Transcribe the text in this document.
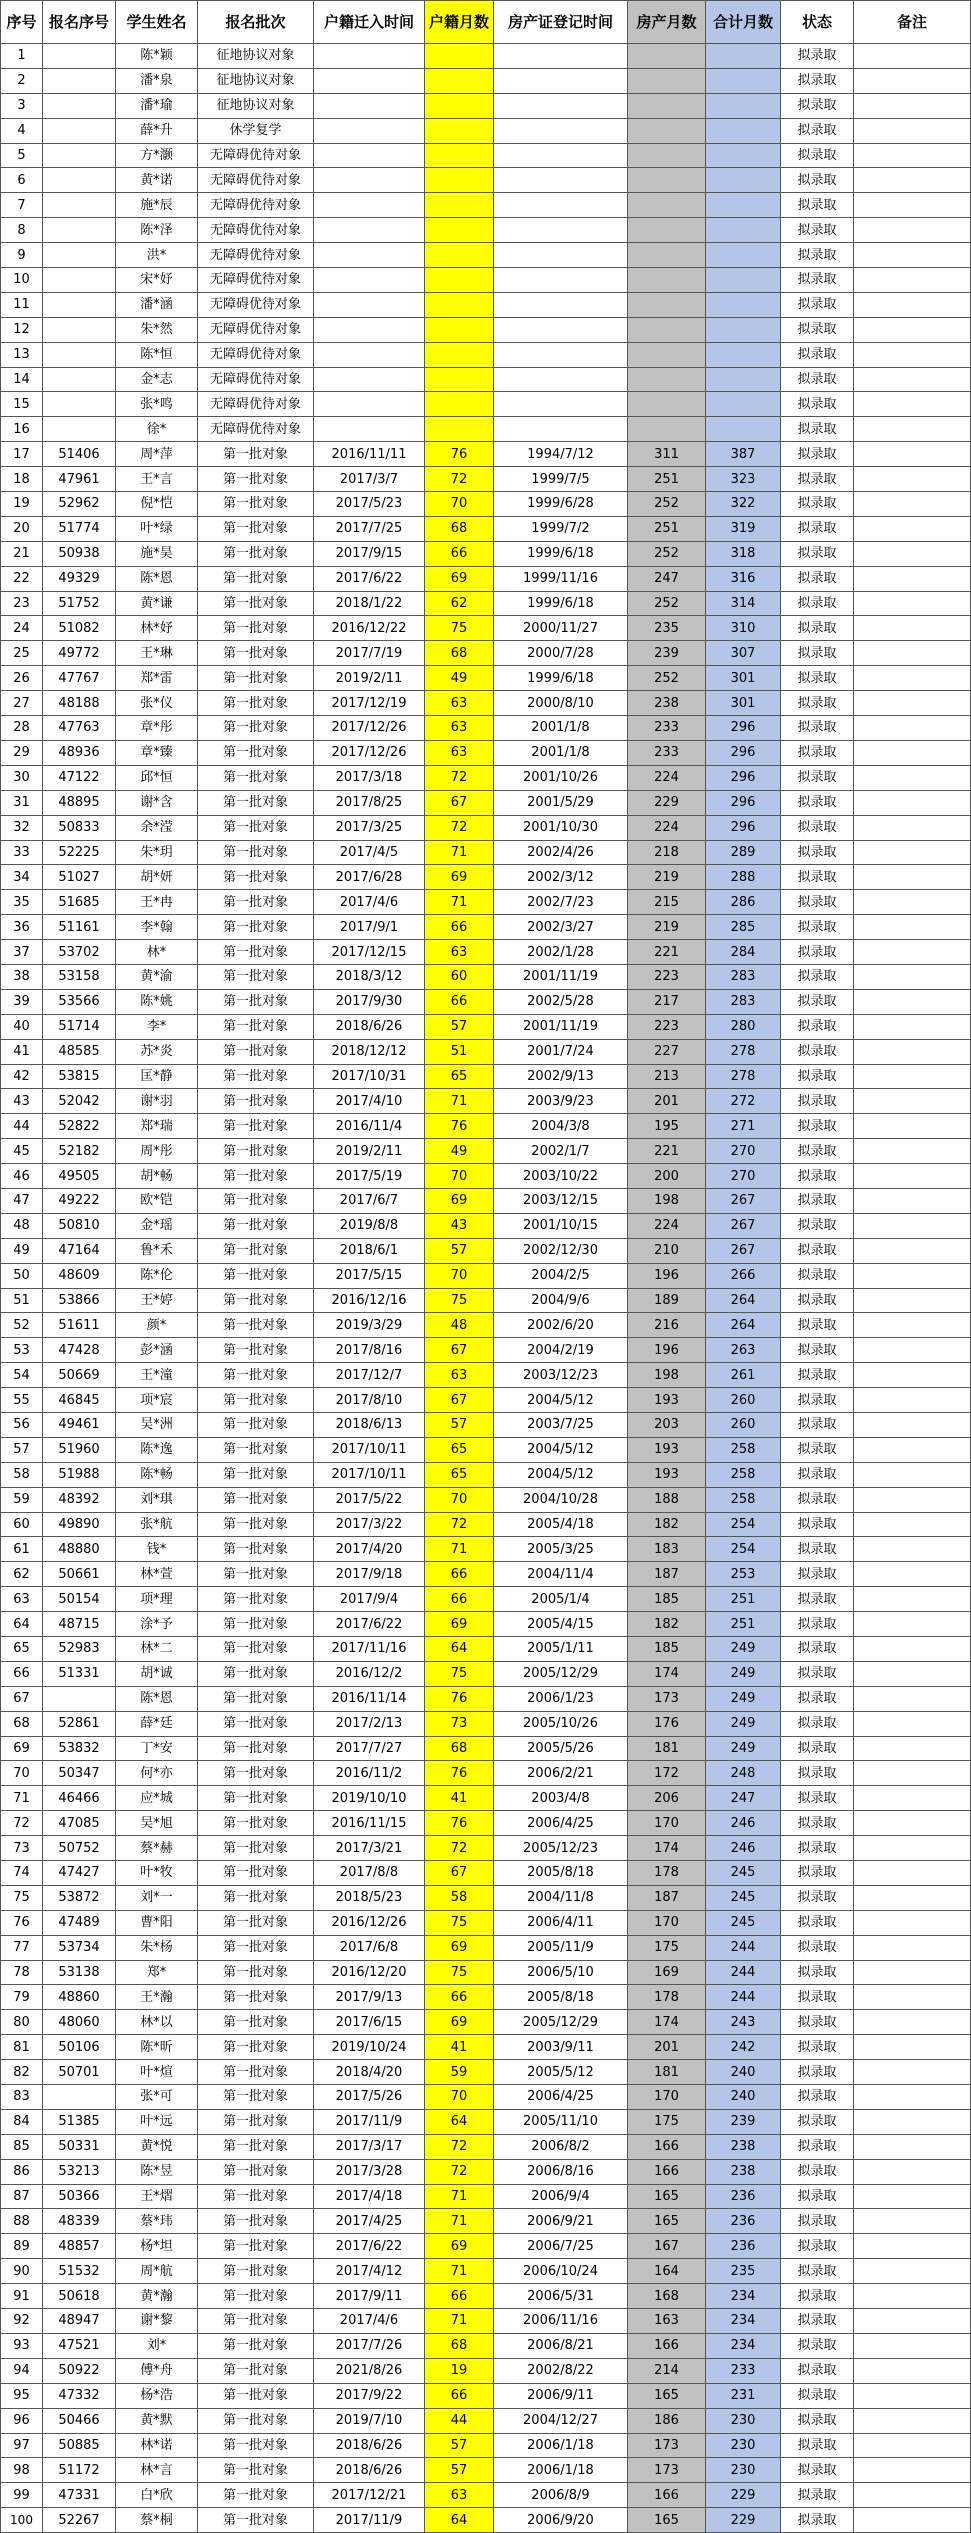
序号	报名序号	学生姓名	报名批次	户籍迁入时间	户籍月数	房产证登记时间	房产月数	合计月数	状态	备注
1		陈*颖	征地协议对象						拟录取	
2		潘*泉	征地协议对象						拟录取	
3		潘*瑜	征地协议对象						拟录取	
4		薛*升	休学复学						拟录取	
5		方*灏	无障碍优待对象						拟录取	
6		黄*诺	无障碍优待对象						拟录取	
7		施*辰	无障碍优待对象						拟录取	
8		陈*泽	无障碍优待对象						拟录取	
9		洪*	无障碍优待对象						拟录取	
10		宋*妤	无障碍优待对象						拟录取	
11		潘*涵	无障碍优待对象						拟录取	
12		朱*然	无障碍优待对象						拟录取	
13		陈*恒	无障碍优待对象						拟录取	
14		金*志	无障碍优待对象						拟录取	
15		张*鸣	无障碍优待对象						拟录取	
16		徐*	无障碍优待对象						拟录取	
17	51406	周*萍	第一批对象	2016/11/11	76	1994/7/12	311	387	拟录取	
18	47961	王*言	第一批对象	2017/3/7	72	1999/7/5	251	323	拟录取	
19	52962	倪*恺	第一批对象	2017/5/23	70	1999/6/28	252	322	拟录取	
20	51774	叶*绿	第一批对象	2017/7/25	68	1999/7/2	251	319	拟录取	
21	50938	施*昊	第一批对象	2017/9/15	66	1999/6/18	252	318	拟录取	
22	49329	陈*恩	第一批对象	2017/6/22	69	1999/11/16	247	316	拟录取	
23	51752	黄*谦	第一批对象	2018/1/22	62	1999/6/18	252	314	拟录取	
24	51082	林*妤	第一批对象	2016/12/22	75	2000/11/27	235	310	拟录取	
25	49772	王*琳	第一批对象	2017/7/19	68	2000/7/28	239	307	拟录取	
26	47767	郑*雷	第一批对象	2019/2/11	49	1999/6/18	252	301	拟录取	
27	48188	张*仪	第一批对象	2017/12/19	63	2000/8/10	238	301	拟录取	
28	47763	章*彤	第一批对象	2017/12/26	63	2001/1/8	233	296	拟录取	
29	48936	章*臻	第一批对象	2017/12/26	63	2001/1/8	233	296	拟录取	
30	47122	邱*恒	第一批对象	2017/3/18	72	2001/10/26	224	296	拟录取	
31	48895	谢*含	第一批对象	2017/8/25	67	2001/5/29	229	296	拟录取	
32	50833	余*滢	第一批对象	2017/3/25	72	2001/10/30	224	296	拟录取	
33	52225	朱*玥	第一批对象	2017/4/5	71	2002/4/26	218	289	拟录取	
34	51027	胡*妍	第一批对象	2017/6/28	69	2002/3/12	219	288	拟录取	
35	51685	王*冉	第一批对象	2017/4/6	71	2002/7/23	215	286	拟录取	
36	51161	李*翰	第一批对象	2017/9/1	66	2002/3/27	219	285	拟录取	
37	53702	林*	第一批对象	2017/12/15	63	2002/1/28	221	284	拟录取	
38	53158	黄*渝	第一批对象	2018/3/12	60	2001/11/19	223	283	拟录取	
39	53566	陈*姚	第一批对象	2017/9/30	66	2002/5/28	217	283	拟录取	
40	51714	李*	第一批对象	2018/6/26	57	2001/11/19	223	280	拟录取	
41	48585	苏*炎	第一批对象	2018/12/12	51	2001/7/24	227	278	拟录取	
42	53815	匡*静	第一批对象	2017/10/31	65	2002/9/13	213	278	拟录取	
43	52042	谢*羽	第一批对象	2017/4/10	71	2003/9/23	201	272	拟录取	
44	52822	郑*瑞	第一批对象	2016/11/4	76	2004/3/8	195	271	拟录取	
45	52182	周*彤	第一批对象	2019/2/11	49	2002/1/7	221	270	拟录取	
46	49505	胡*畅	第一批对象	2017/5/19	70	2003/10/22	200	270	拟录取	
47	49222	欧*铠	第一批对象	2017/6/7	69	2003/12/15	198	267	拟录取	
48	50810	金*瑶	第一批对象	2019/8/8	43	2001/10/15	224	267	拟录取	
49	47164	鲁*禾	第一批对象	2018/6/1	57	2002/12/30	210	267	拟录取	
50	48609	陈*伦	第一批对象	2017/5/15	70	2004/2/5	196	266	拟录取	
51	53866	王*婷	第一批对象	2016/12/16	75	2004/9/6	189	264	拟录取	
52	51611	颜*	第一批对象	2019/3/29	48	2002/6/20	216	264	拟录取	
53	47428	彭*涵	第一批对象	2017/8/16	67	2004/2/19	196	263	拟录取	
54	50669	王*潼	第一批对象	2017/12/7	63	2003/12/23	198	261	拟录取	
55	46845	项*宸	第一批对象	2017/8/10	67	2004/5/12	193	260	拟录取	
56	49461	吴*洲	第一批对象	2018/6/13	57	2003/7/25	203	260	拟录取	
57	51960	陈*逸	第一批对象	2017/10/11	65	2004/5/12	193	258	拟录取	
58	51988	陈*畅	第一批对象	2017/10/11	65	2004/5/12	193	258	拟录取	
59	48392	刘*琪	第一批对象	2017/5/22	70	2004/10/28	188	258	拟录取	
60	49890	张*航	第一批对象	2017/3/22	72	2005/4/18	182	254	拟录取	
61	48880	钱*	第一批对象	2017/4/20	71	2005/3/25	183	254	拟录取	
62	50661	林*萱	第一批对象	2017/9/18	66	2004/11/4	187	253	拟录取	
63	50154	项*理	第一批对象	2017/9/4	66	2005/1/4	185	251	拟录取	
64	48715	涂*予	第一批对象	2017/6/22	69	2005/4/15	182	251	拟录取	
65	52983	林*二	第一批对象	2017/11/16	64	2005/1/11	185	249	拟录取	
66	51331	胡*诚	第一批对象	2016/12/2	75	2005/12/29	174	249	拟录取	
67		陈*恩	第一批对象	2016/11/14	76	2006/1/23	173	249	拟录取	
68	52861	薛*廷	第一批对象	2017/2/13	73	2005/10/26	176	249	拟录取	
69	53832	丁*安	第一批对象	2017/7/27	68	2005/5/26	181	249	拟录取	
70	50347	何*亦	第一批对象	2016/11/2	76	2006/2/21	172	248	拟录取	
71	46466	应*城	第一批对象	2019/10/10	41	2003/4/8	206	247	拟录取	
72	47085	吴*旭	第一批对象	2016/11/15	76	2006/4/25	170	246	拟录取	
73	50752	蔡*赫	第一批对象	2017/3/21	72	2005/12/23	174	246	拟录取	
74	47427	叶*牧	第一批对象	2017/8/8	67	2005/8/18	178	245	拟录取	
75	53872	刘*一	第一批对象	2018/5/23	58	2004/11/8	187	245	拟录取	
76	47489	曹*阳	第一批对象	2016/12/26	75	2006/4/11	170	245	拟录取	
77	53734	朱*杨	第一批对象	2017/6/8	69	2005/11/9	175	244	拟录取	
78	53138	郑*	第一批对象	2016/12/20	75	2006/5/10	169	244	拟录取	
79	48860	王*瀚	第一批对象	2017/9/13	66	2005/8/18	178	244	拟录取	
80	48060	林*以	第一批对象	2017/6/15	69	2005/12/29	174	243	拟录取	
81	50106	陈*昕	第一批对象	2019/10/24	41	2003/9/11	201	242	拟录取	
82	50701	叶*煊	第一批对象	2018/4/20	59	2005/5/12	181	240	拟录取	
83		张*可	第一批对象	2017/5/26	70	2006/4/25	170	240	拟录取	
84	51385	叶*远	第一批对象	2017/11/9	64	2005/11/10	175	239	拟录取	
85	50331	黄*悦	第一批对象	2017/3/17	72	2006/8/2	166	238	拟录取	
86	53213	陈*昱	第一批对象	2017/3/28	72	2006/8/16	166	238	拟录取	
87	50366	王*熠	第一批对象	2017/4/18	71	2006/9/4	165	236	拟录取	
88	48339	蔡*玮	第一批对象	2017/4/25	71	2006/9/21	165	236	拟录取	
89	48857	杨*坦	第一批对象	2017/6/22	69	2006/7/25	167	236	拟录取	
90	51532	周*航	第一批对象	2017/4/12	71	2006/10/24	164	235	拟录取	
91	50618	黄*瀚	第一批对象	2017/9/11	66	2006/5/31	168	234	拟录取	
92	48947	谢*黎	第一批对象	2017/4/6	71	2006/11/16	163	234	拟录取	
93	47521	刘*	第一批对象	2017/7/26	68	2006/8/21	166	234	拟录取	
94	50922	傅*舟	第一批对象	2021/8/26	19	2002/8/22	214	233	拟录取	
95	47332	杨*浩	第一批对象	2017/9/22	66	2006/9/11	165	231	拟录取	
96	50466	黄*默	第一批对象	2019/7/10	44	2004/12/27	186	230	拟录取	
97	50885	林*诺	第一批对象	2018/6/26	57	2006/1/18	173	230	拟录取	
98	51172	林*言	第一批对象	2018/6/26	57	2006/1/18	173	230	拟录取	
99	47331	白*欣	第一批对象	2017/12/21	63	2006/8/9	166	229	拟录取	
100	52267	蔡*桐	第一批对象	2017/11/9	64	2006/9/20	165	229	拟录取	
